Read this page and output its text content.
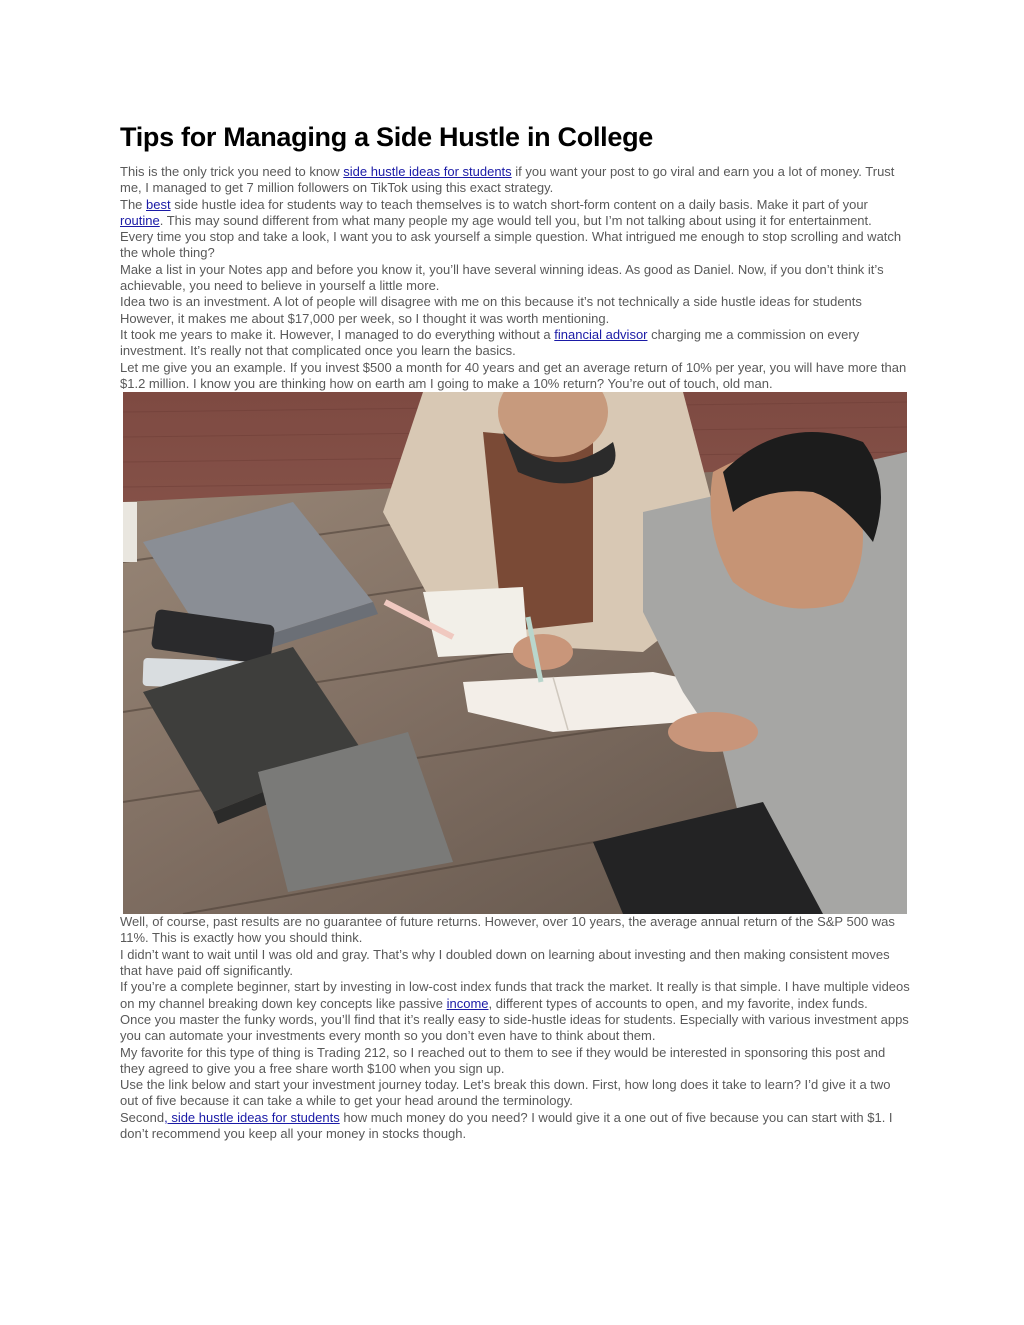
Tips for Managing a Side Hustle in College

This is the only trick you need to know side hustle ideas for students if you want your post to go viral and earn you a lot of money. Trust me, I managed to get 7 million followers on TikTok using this exact strategy.

The best side hustle idea for students way to teach themselves is to watch short-form content on a daily basis. Make it part of your routine. This may sound different from what many people my age would tell you, but I’m not talking about using it for entertainment.

Every time you stop and take a look, I want you to ask yourself a simple question. What intrigued me enough to stop scrolling and watch the whole thing?

Make a list in your Notes app and before you know it, you’ll have several winning ideas. As good as Daniel. Now, if you don’t think it’s achievable, you need to believe in yourself a little more.

Idea two is an investment. A lot of people will disagree with me on this because it’s not technically a side hustle ideas for students However, it makes me about $17,000 per week, so I thought it was worth mentioning.

It took me years to make it. However, I managed to do everything without a financial advisor charging me a commission on every investment. It’s really not that complicated once you learn the basics.

Let me give you an example. If you invest $500 a month for 40 years and get an average return of 10% per year, you will have more than $1.2 million. I know you are thinking how on earth am I going to make a 10% return? You’re out of touch, old man.

Well, of course, past results are no guarantee of future returns. However, over 10 years, the average annual return of the S&P 500 was 11%. This is exactly how you should think.

I didn’t want to wait until I was old and gray. That’s why I doubled down on learning about investing and then making consistent moves that have paid off significantly.

If you’re a complete beginner, start by investing in low-cost index funds that track the market. It really is that simple. I have multiple videos on my channel breaking down key concepts like passive income, different types of accounts to open, and my favorite, index funds.

Once you master the funky words, you’ll find that it’s really easy to side-hustle ideas for students. Especially with various investment apps you can automate your investments every month so you don’t even have to think about them.

My favorite for this type of thing is Trading 212, so I reached out to them to see if they would be interested in sponsoring this post and they agreed to give you a free share worth $100 when you sign up.

Use the link below and start your investment journey today. Let’s break this down. First, how long does it take to learn? I’d give it a two out of five because it can take a while to get your head around the terminology.

Second, side hustle ideas for students how much money do you need? I would give it a one out of five because you can start with $1. I don’t recommend you keep all your money in stocks though.
